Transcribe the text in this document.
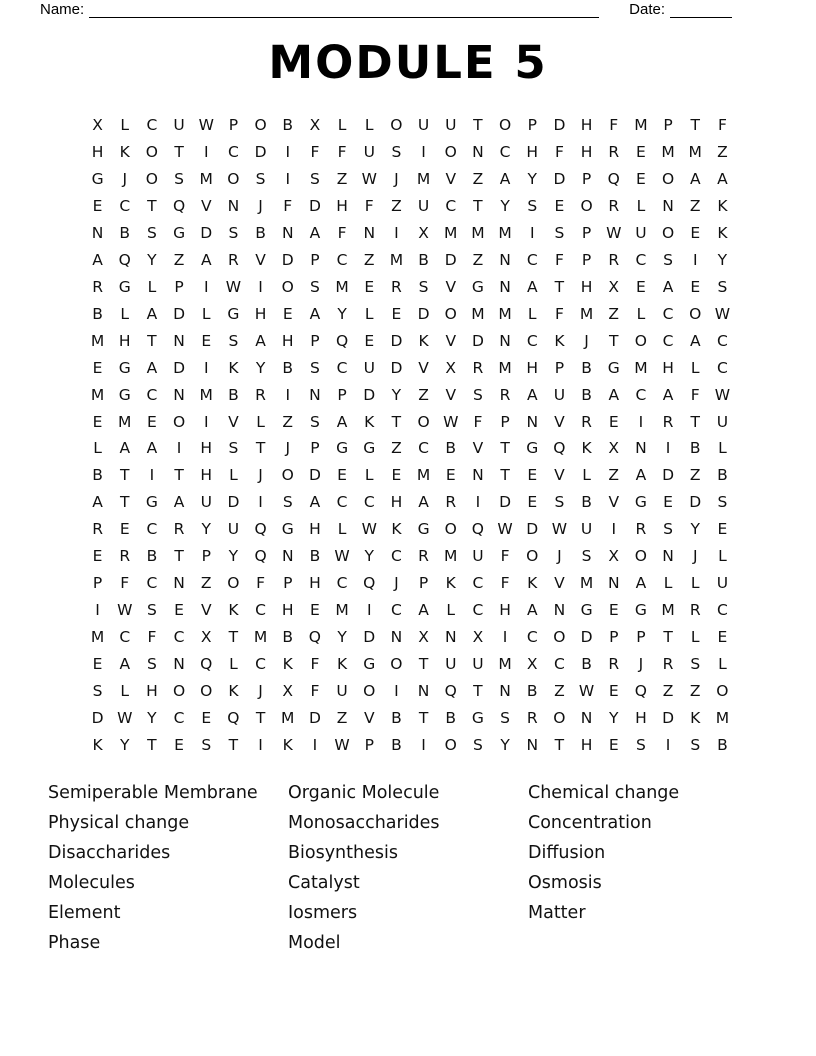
Name:	Date:
MODULE 5
X	L	C	U W P	O	B	X	L	L	O U	U	T	O	P	D H	F	M	P	T	F
H	K	O	T	I	C	D	I	F	F	U	S	I	O N	C	H	F	H	R	E	M M Z
G	J	O	S	M O	S	I	S	Z W	J	M V	Z	A	Y	D	P	Q	E	O	A	A
E	C	T	Q	V	N	J	F	D H	F	Z	U	C	T	Y	S	E	O	R	L	N	Z	K
N	B	S	G D	S	B	N	A	F	N	I	X M M M	I	S	P W U O	E	K
A	Q	Y	Z	A	R	V	D	P	C	Z M B	D	Z	N	C	F	P	R	C	S	I	Y
R	G	L	P	I	W	I	O	S	M	E	R	S	V	G N	A	T	H	X	E	A	E	S
B	L	A	D	L	G H	E	A	Y	L	E	D O M M	L	F	M Z	L	C	O W
M H	T	N	E	S	A	H	P	Q	E	D	K	V	D N	C	K	J	T	O	C	A	C
E	G	A	D	I	K	Y	B	S	C	U	D	V	X	R M H	P	B	G M H	L	C
M G	C	N M B	R	I	N	P	D	Y	Z	V	S	R	A	U	B	A	C	A	F W
E	M	E	O	I	V	L	Z	S	A	K	T	O W F	P	N	V	R	E	I	R	T	U
L	A	A	I	H	S	T	J	P	G G	Z	C	B	V	T	G Q	K	X	N	I	B	L
B	T	I	T	H	L	J	O D	E	L	E	M	E	N	T	E	V	L	Z	A	D	Z	B
A	T	G	A	U	D	I	S	A	C	C	H	A	R	I	D	E	S	B	V	G	E	D	S
R	E	C	R	Y	U Q G H	L W K	G O Q W D W U	I	R	S	Y	E
E	R	B	T	P	Y	Q N	B W Y	C	R M U	F	O	J	S	X	O N	J	L
P	F	C	N	Z	O	F	P	H	C	Q	J	P	K	C	F	K	V M N	A	L	L	U
I	W S	E	V	K	C	H	E	M	I	C	A	L	C	H	A	N G	E	G M R	C
M C	F	C	X	T	M B	Q	Y	D N	X	N	X	I	C	O D	P	P	T	L	E
E	A	S	N Q	L	C	K	F	K	G O	T	U	U M X	C	B	R	J	R	S	L
S	L	H O O	K	J	X	F	U O	I	N Q	T	N	B	Z W E	Q	Z	Z	O
D W Y	C	E	Q	T	M D	Z	V	B	T	B	G	S	R	O N	Y	H D	K M
K	Y	T	E	S	T	I	K	I	W P	B	I	O	S	Y	N	T	H	E	S	I	S	B
Semiperable Membrane
Physical change
Disaccharides
Molecules
Element
Phase
Organic Molecule
Monosaccharides
Biosynthesis
Catalyst
Iosmers
Model
Chemical change
Concentration
Diffusion
Osmosis
Matter
